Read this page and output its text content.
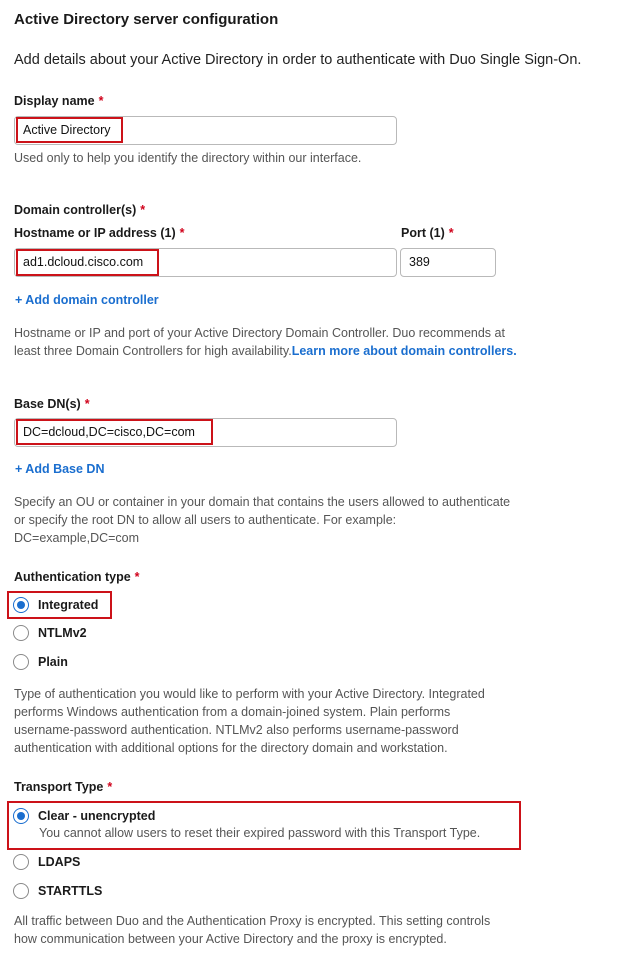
Active Directory server configuration
Add details about your Active Directory in order to authenticate with Duo Single Sign-On.
Display name *
Active Directory
Used only to help you identify the directory within our interface.
Domain controller(s) *
Hostname or IP address (1) *	Port (1) *
ad1.dcloud.cisco.com	389
+ Add domain controller
Hostname or IP and port of your Active Directory Domain Controller. Duo recommends at
least three Domain Controllers for high availability.Learn more about domain controllers.
Base DN(s) *
DC=dcloud,DC=cisco,DC=com
+ Add Base DN
Specify an OU or container in your domain that contains the users allowed to authenticate
or specify the root DN to allow all users to authenticate. For example:
DC=example,DC=com
Authentication type *
Integrated
NTLMv2
Plain
Type of authentication you would like to perform with your Active Directory. Integrated
performs Windows authentication from a domain-joined system. Plain performs
username-password authentication. NTLMv2 also performs username-password
authentication with additional options for the directory domain and workstation.
Transport Type *
Clear - unencrypted
You cannot allow users to reset their expired password with this Transport Type.
LDAPS
STARTTLS
All traffic between Duo and the Authentication Proxy is encrypted. This setting controls
how communication between your Active Directory and the proxy is encrypted.
